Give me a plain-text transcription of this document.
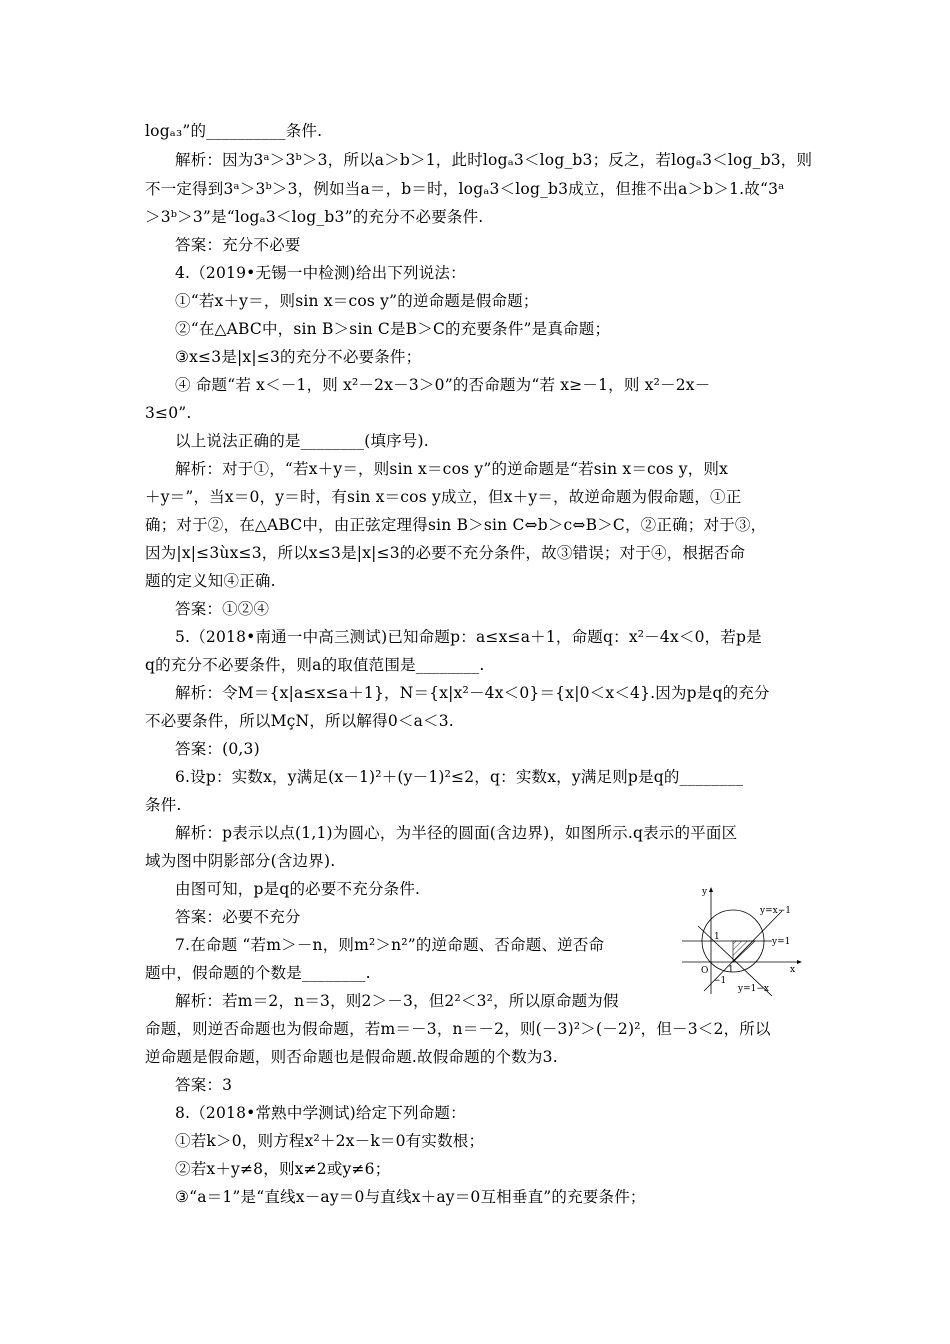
logₐ₃”的__________条件.
解析：因为3ᵃ＞3ᵇ＞3，所以a＞b＞1，此时logₐ3＜log_b3；反之，若logₐ3＜log_b3，则
不一定得到3ᵃ＞3ᵇ＞3，例如当a＝，b＝时，logₐ3＜log_b3成立，但推不出a＞b＞1.故“3ᵃ
＞3ᵇ＞3”是“logₐ3＜log_b3”的充分不必要条件.
答案：充分不必要
4.（2019•无锡一中检测)给出下列说法：
①“若x＋y＝，则sin x＝cos y”的逆命题是假命题；
②“在△ABC中，sin B＞sin C是B＞C的充要条件”是真命题；
③x≤3是|x|≤3的充分不必要条件；
④ 命题“若 x＜－1，则 x²－2x－3＞0”的否命题为“若 x≥－1，则 x²－2x－
3≤0”.
以上说法正确的是________(填序号).
解析：对于①，“若x＋y＝，则sin x＝cos y”的逆命题是“若sin x＝cos y，则x
＋y＝”，当x＝0，y＝时，有sin x＝cos y成立，但x＋y＝，故逆命题为假命题，①正
确；对于②，在△ABC中，由正弦定理得sin B＞sin C⇔b＞c⇔B＞C，②正确；对于③，
因为|x|≤3ùx≤3，所以x≤3是|x|≤3的必要不充分条件，故③错误；对于④，根据否命
题的定义知④正确.
答案：①②④
5.（2018•南通一中高三测试)已知命题p：a≤x≤a＋1，命题q：x²－4x＜0，若p是
q的充分不必要条件，则a的取值范围是________.
解析：令M＝{x|a≤x≤a＋1}，N＝{x|x²－4x＜0}＝{x|0＜x＜4}.因为p是q的充分
不必要条件，所以MçN，所以解得0＜a＜3.
答案：(0,3)
6.设p：实数x，y满足(x－1)²＋(y－1)²≤2，q：实数x，y满足则p是q的________
条件.
解析：p表示以点(1,1)为圆心，为半径的圆面(含边界)，如图所示.q表示的平面区
域为图中阴影部分(含边界).
由图可知，p是q的必要不充分条件.
答案：必要不充分
7.在命题 “若m＞－n，则m²＞n²”的逆命题、否命题、逆否命
题中，假命题的个数是________.
解析：若m＝2，n＝3，则2＞－3，但2²＜3²，所以原命题为假
命题，则逆否命题也为假命题，若m＝－3，n＝－2，则(－3)²＞(－2)²，但－3＜2，所以
逆命题是假命题，则否命题也是假命题.故假命题的个数为3.
答案：3
8.（2018•常熟中学测试)给定下列命题：
①若k＞0，则方程x²＋2x－k＝0有实数根；
②若x＋y≠8，则x≠2或y≠6；
③“a＝1”是“直线x－ay＝0与直线x＋ay＝0互相垂直”的充要条件；
y
x
O
y=x−1
y=1
y=1−x
1
1
−1
